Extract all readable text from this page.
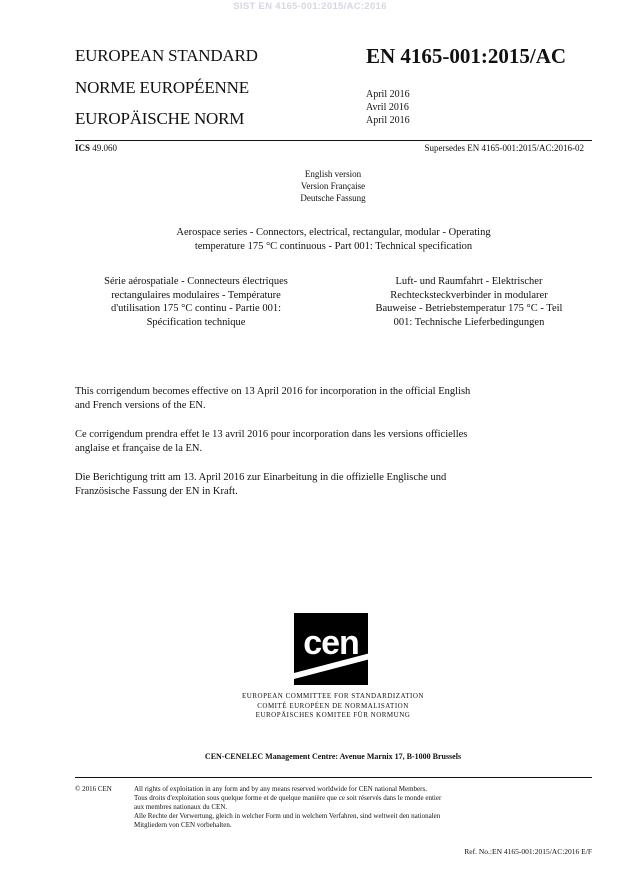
SIST EN 4165-001:2015/AC:2016
EUROPEAN STANDARD
NORME EUROPÉENNE
EUROPÄISCHE NORM
EN 4165-001:2015/AC
April 2016
Avril 2016
April 2016
ICS 49.060	Supersedes EN 4165-001:2015/AC:2016-02
English version
Version Française
Deutsche Fassung
Aerospace series - Connectors, electrical, rectangular, modular - Operating
temperature 175 °C continuous - Part 001: Technical specification
Série aérospatiale - Connecteurs électriques
rectangulaires modulaires - Température
d'utilisation 175 °C continu - Partie 001:
Spécification technique
Luft- und Raumfahrt - Elektrischer
Rechtecksteckverbinder in modularer
Bauweise - Betriebstemperatur 175 °C - Teil
001: Technische Lieferbedingungen
This corrigendum becomes effective on 13 April 2016 for incorporation in the official English
and French versions of the EN.
Ce corrigendum prendra effet le 13 avril 2016 pour incorporation dans les versions officielles
anglaise et française de la EN.
Die Berichtigung tritt am 13. April 2016 zur Einarbeitung in die offizielle Englische und
Französische Fassung der EN in Kraft.
cen
EUROPEAN COMMITTEE FOR STANDARDIZATION
COMITÉ EUROPÉEN DE NORMALISATION
EUROPÄISCHES KOMITEE FÜR NORMUNG
CEN-CENELEC Management Centre: Avenue Marnix 17, B-1000 Brussels
© 2016 CEN	All rights of exploitation in any form and by any means reserved worldwide for CEN national Members.
Tous droits d'exploitation sous quelque forme et de quelque manière que ce soit réservés dans le monde entier
aux membres nationaux du CEN.
Alle Rechte der Verwertung, gleich in welcher Form und in welchem Verfahren, sind weltweit den nationalen
Mitgliedern von CEN vorbehalten.
Ref. No.:EN 4165-001:2015/AC:2016 E/F
